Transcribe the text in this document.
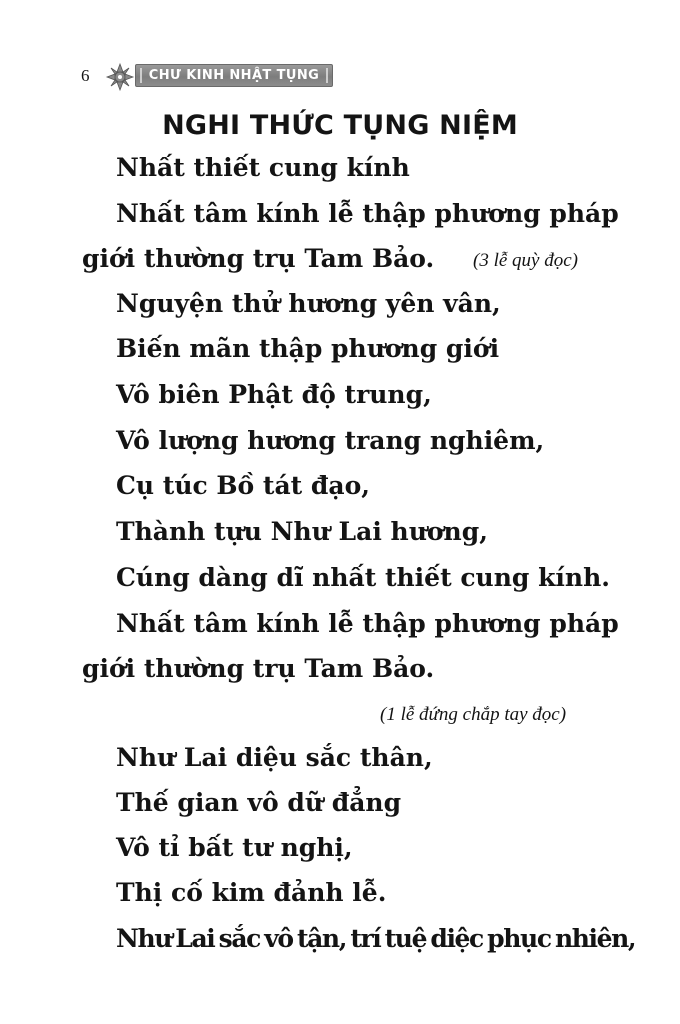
6	CHƯ KINH NHẬT TỤNG
NGHI THỨC TỤNG NIỆM
Nhất thiết cung kính
Nhất tâm kính lễ thập phương pháp
giới thường trụ Tam Bảo. (3 lễ quỳ đọc)
Nguyện thử hương yên vân,
Biến mãn thập phương giới
Vô biên Phật độ trung,
Vô lượng hương trang nghiêm,
Cụ túc Bồ tát đạo,
Thành tựu Như Lai hương,
Cúng dàng dĩ nhất thiết cung kính.
Nhất tâm kính lễ thập phương pháp
giới thường trụ Tam Bảo.
(1 lễ đứng chắp tay đọc)
Như Lai diệu sắc thân,
Thế gian vô dữ đẳng
Vô tỉ bất tư nghị,
Thị cố kim đảnh lễ.
Như Lai sắc vô tận, trí tuệ diệc phục nhiên,
